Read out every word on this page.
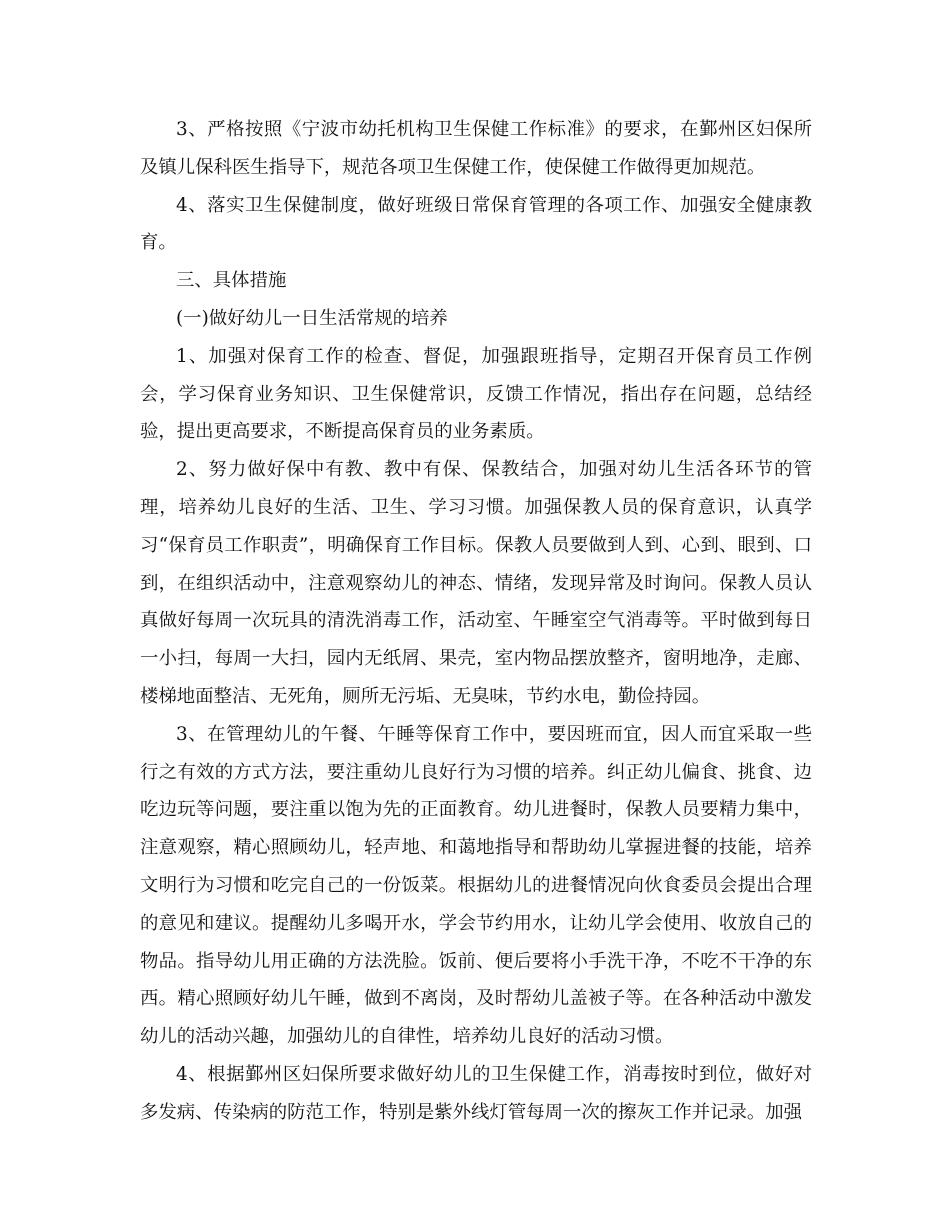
3、严格按照《宁波市幼托机构卫生保健工作标准》的要求，在鄞州区妇保所及镇儿保科医生指导下，规范各项卫生保健工作，使保健工作做得更加规范。

4、落实卫生保健制度，做好班级日常保育管理的各项工作、加强安全健康教育。

三、具体措施

(一)做好幼儿一日生活常规的培养

1、加强对保育工作的检查、督促，加强跟班指导，定期召开保育员工作例会，学习保育业务知识、卫生保健常识，反馈工作情况，指出存在问题，总结经验，提出更高要求，不断提高保育员的业务素质。

2、努力做好保中有教、教中有保、保教结合，加强对幼儿生活各环节的管理，培养幼儿良好的生活、卫生、学习习惯。加强保教人员的保育意识，认真学习“保育员工作职责”，明确保育工作目标。保教人员要做到人到、心到、眼到、口到，在组织活动中，注意观察幼儿的神态、情绪，发现异常及时询问。保教人员认真做好每周一次玩具的清洗消毒工作，活动室、午睡室空气消毒等。平时做到每日一小扫，每周一大扫，园内无纸屑、果壳，室内物品摆放整齐，窗明地净，走廊、楼梯地面整洁、无死角，厕所无污垢、无臭味，节约水电，勤俭持园。

3、在管理幼儿的午餐、午睡等保育工作中，要因班而宜，因人而宜采取一些行之有效的方式方法，要注重幼儿良好行为习惯的培养。纠正幼儿偏食、挑食、边吃边玩等问题，要注重以饱为先的正面教育。幼儿进餐时，保教人员要精力集中，注意观察，精心照顾幼儿，轻声地、和蔼地指导和帮助幼儿掌握进餐的技能，培养文明行为习惯和吃完自己的一份饭菜。根据幼儿的进餐情况向伙食委员会提出合理的意见和建议。提醒幼儿多喝开水，学会节约用水，让幼儿学会使用、收放自己的物品。指导幼儿用正确的方法洗脸。饭前、便后要将小手洗干净，不吃不干净的东西。精心照顾好幼儿午睡，做到不离岗，及时帮幼儿盖被子等。在各种活动中激发幼儿的活动兴趣，加强幼儿的自律性，培养幼儿良好的活动习惯。

4、根据鄞州区妇保所要求做好幼儿的卫生保健工作，消毒按时到位，做好对多发病、传染病的防范工作，特别是紫外线灯管每周一次的擦灰工作并记录。加强
